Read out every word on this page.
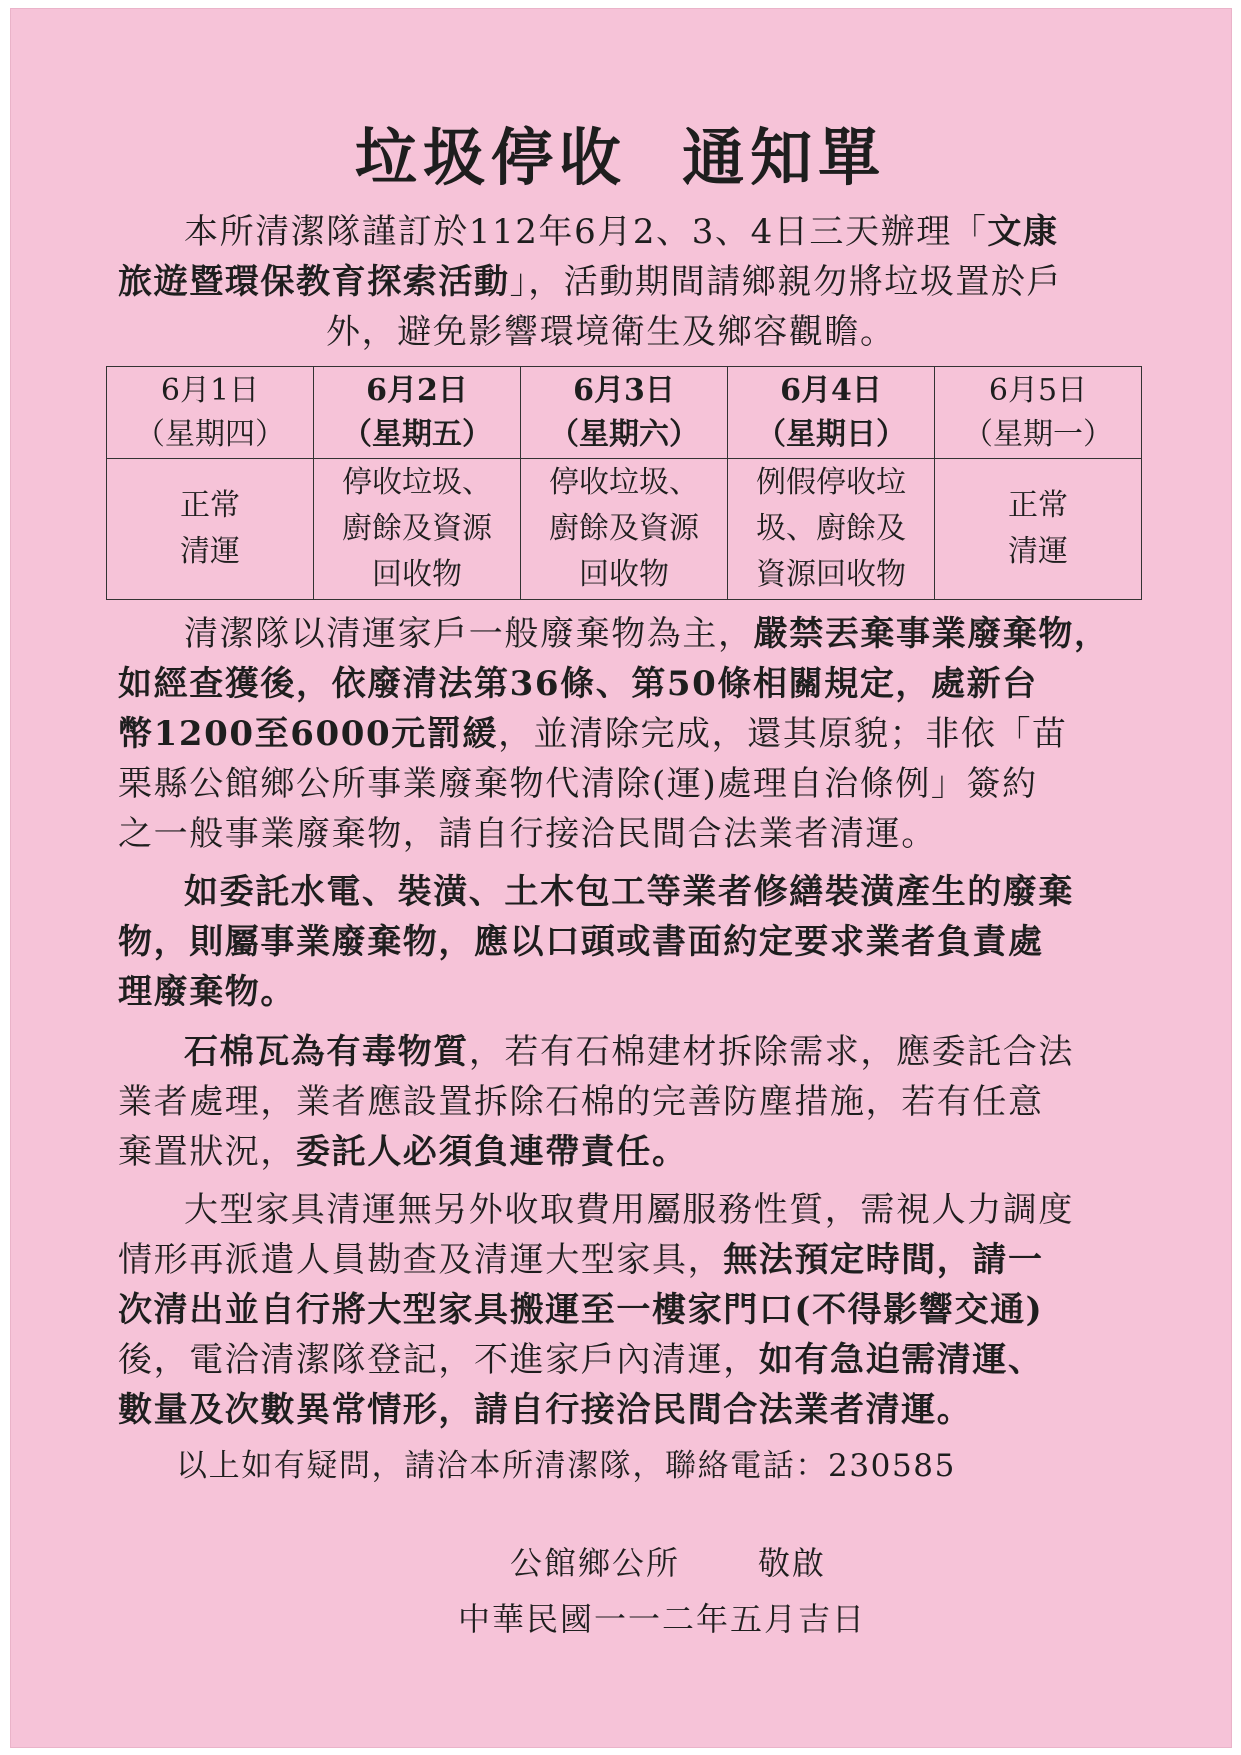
垃圾停收  通知單
本所清潔隊謹訂於112年6月2、3、4日三天辦理「文康
旅遊暨環保教育探索活動」，活動期間請鄉親勿將垃圾置於戶
外，避免影響環境衛生及鄉容觀瞻。
6月1日
（星期四）	6月2日
（星期五）	6月3日
（星期六）	6月4日
（星期日）	6月5日
（星期一）

正常
清運	停收垃圾、
廚餘及資源
回收物	停收垃圾、
廚餘及資源
回收物	例假停收垃
圾、廚餘及
資源回收物	正常
清運
清潔隊以清運家戶一般廢棄物為主，嚴禁丟棄事業廢棄物，
如經查獲後，依廢清法第36條、第50條相關規定，處新台
幣1200至6000元罰緩，並清除完成，還其原貌；非依「苗
栗縣公館鄉公所事業廢棄物代清除(運)處理自治條例」簽約
之一般事業廢棄物，請自行接洽民間合法業者清運。
如委託水電、裝潢、土木包工等業者修繕裝潢產生的廢棄
物，則屬事業廢棄物，應以口頭或書面約定要求業者負責處
理廢棄物。
石棉瓦為有毒物質，若有石棉建材拆除需求，應委託合法
業者處理，業者應設置拆除石棉的完善防塵措施，若有任意
棄置狀況，委託人必須負連帶責任。
大型家具清運無另外收取費用屬服務性質，需視人力調度
情形再派遣人員勘查及清運大型家具，無法預定時間，請一
次清出並自行將大型家具搬運至一樓家門口(不得影響交通)
後，電洽清潔隊登記，不進家戶內清運，如有急迫需清運、
數量及次數異常情形，請自行接洽民間合法業者清運。
以上如有疑問，請洽本所清潔隊，聯絡電話：230585
公館鄉公所 敬啟
中華民國一一二年五月吉日
